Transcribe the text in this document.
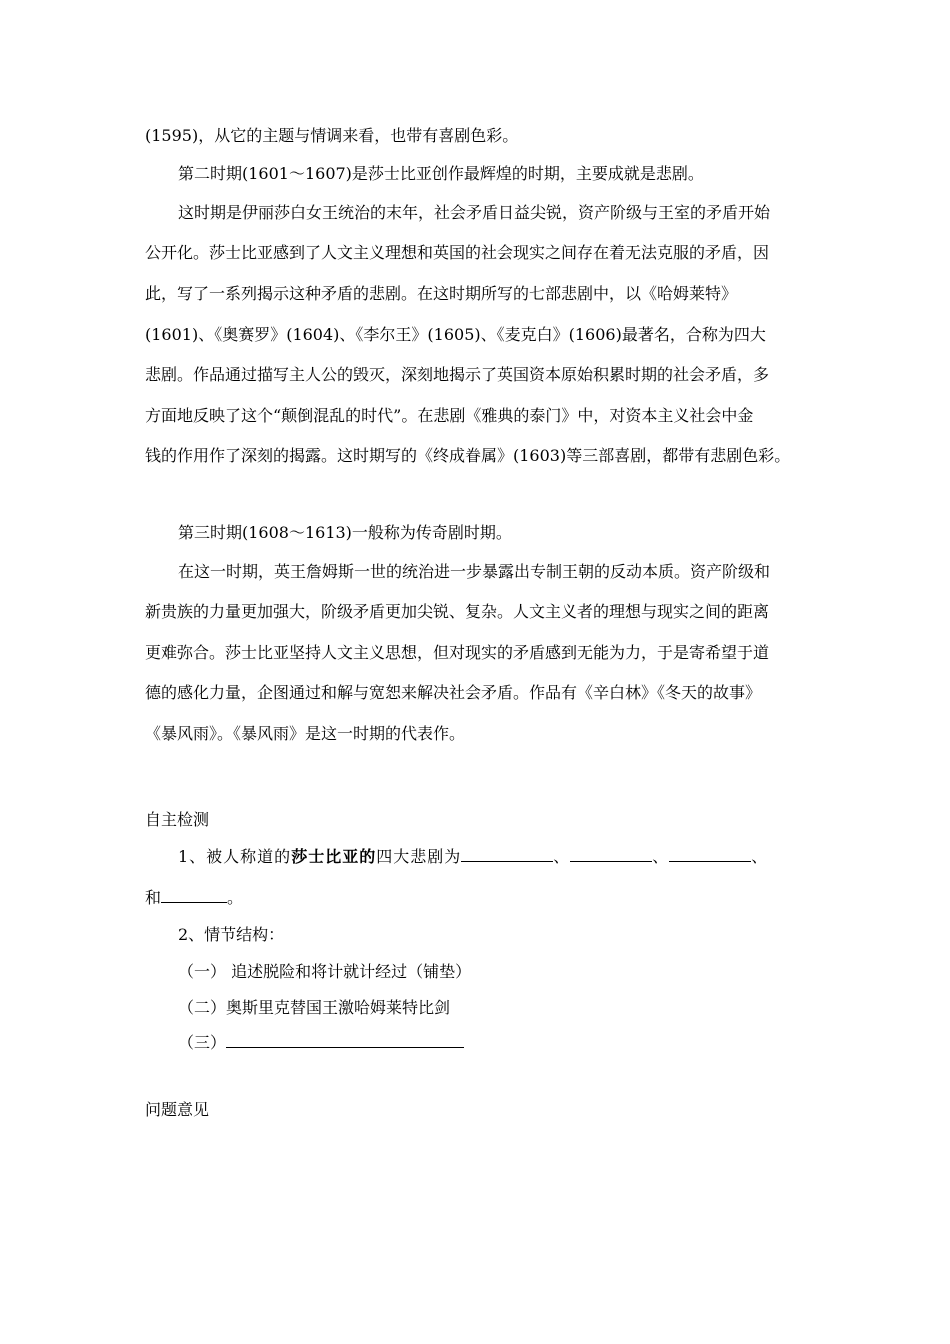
(1595)，从它的主题与情调来看，也带有喜剧色彩。
第二时期(1601～1607)是莎士比亚创作最辉煌的时期，主要成就是悲剧。
这时期是伊丽莎白女王统治的末年，社会矛盾日益尖锐，资产阶级与王室的矛盾开始
公开化。莎士比亚感到了人文主义理想和英国的社会现实之间存在着无法克服的矛盾，因
此，写了一系列揭示这种矛盾的悲剧。在这时期所写的七部悲剧中，以《哈姆莱特》
(1601)、《奥赛罗》(1604)、《李尔王》(1605)、《麦克白》(1606)最著名，合称为四大
悲剧。作品通过描写主人公的毁灭，深刻地揭示了英国资本原始积累时期的社会矛盾，多
方面地反映了这个“颠倒混乱的时代”。在悲剧《雅典的泰门》中，对资本主义社会中金
钱的作用作了深刻的揭露。这时期写的《终成眷属》(1603)等三部喜剧，都带有悲剧色彩。
第三时期(1608～1613)一般称为传奇剧时期。
在这一时期，英王詹姆斯一世的统治进一步暴露出专制王朝的反动本质。资产阶级和
新贵族的力量更加强大，阶级矛盾更加尖锐、复杂。人文主义者的理想与现实之间的距离
更难弥合。莎士比亚坚持人文主义思想，但对现实的矛盾感到无能为力，于是寄希望于道
德的感化力量，企图通过和解与宽恕来解决社会矛盾。作品有《辛白林》《冬天的故事》
《暴风雨》。《暴风雨》是这一时期的代表作。
自主检测
1、被人称道的莎士比亚的四大悲剧为	、	、	、
和	。
2、情节结构：
（一） 追述脱险和将计就计经过（铺垫）
（二）奥斯里克替国王激哈姆莱特比剑
（三）
问题意见
